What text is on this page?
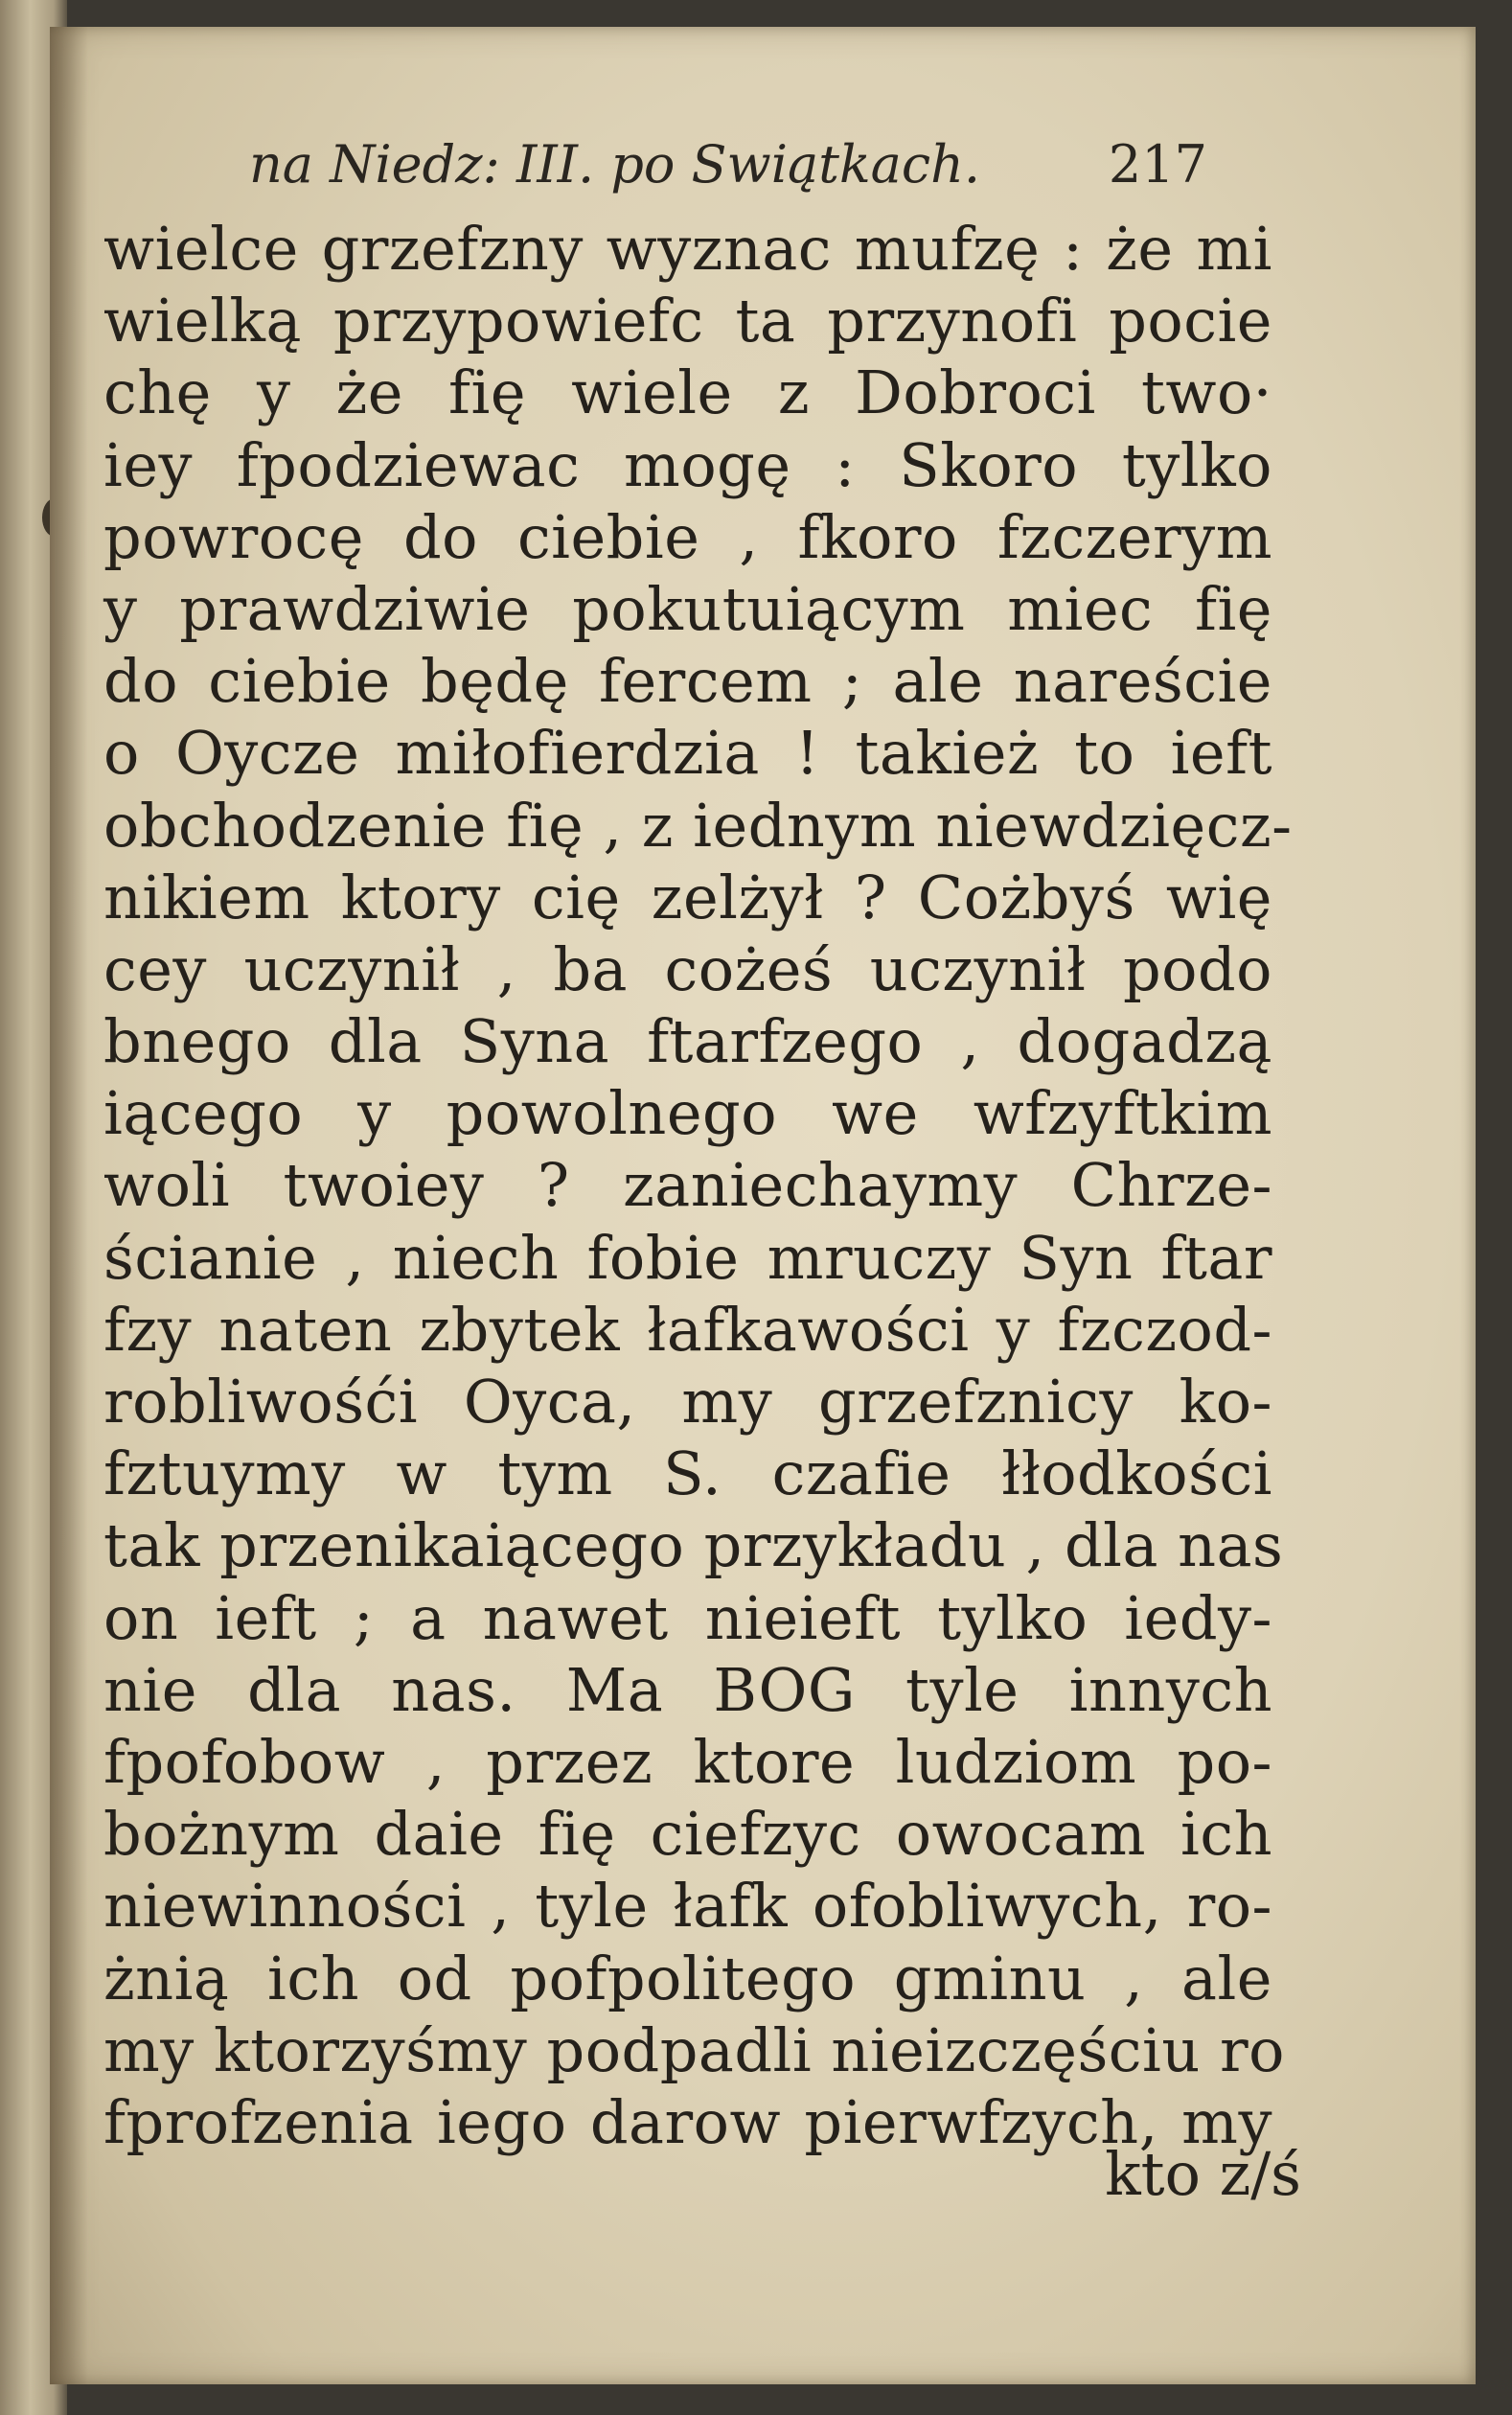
na Niedz: III. po Swiątkach. 217
wielce grzefzny wyznac mufzę : że mi
wielką przypowiefc ta przynofi pocie
chę y że fię wiele z Dobroci two·
iey fpodziewac mogę : Skoro tylko
powrocę do ciebie , fkoro fzczerym
y prawdziwie pokutuiącym miec fię
do ciebie będę fercem ; ale nareście
o Oycze miłofierdzia ! takież to ieft
obchodzenie fię , z iednym niewdzięcz-
nikiem ktory cię zelżył ? Cożbyś wię
cey uczynił , ba cożeś uczynił podo
bnego dla Syna ftarfzego , dogadzą
iącego y powolnego we wfzyftkim
woli twoiey ? zaniechaymy Chrze-
ścianie , niech fobie mruczy Syn ftar
fzy naten zbytek łafkawości y fzczod-
robliwośći Oyca, my grzefznicy ko-
fztuymy w tym S. czafie łłodkości
tak przenikaiącego przykładu , dla nas
on ieft ; a nawet nieieft tylko iedy-
nie dla nas. Ma BOG tyle innych
fpofobow , przez ktore ludziom po-
bożnym daie fię ciefzyc owocam ich
niewinności , tyle łafk ofobliwych, ro-
żnią ich od pofpolitego gminu , ale
my ktorzyśmy podpadli nieizczęściu ro
fprofzenia iego darow pierwfzych, my
kto z/ś
